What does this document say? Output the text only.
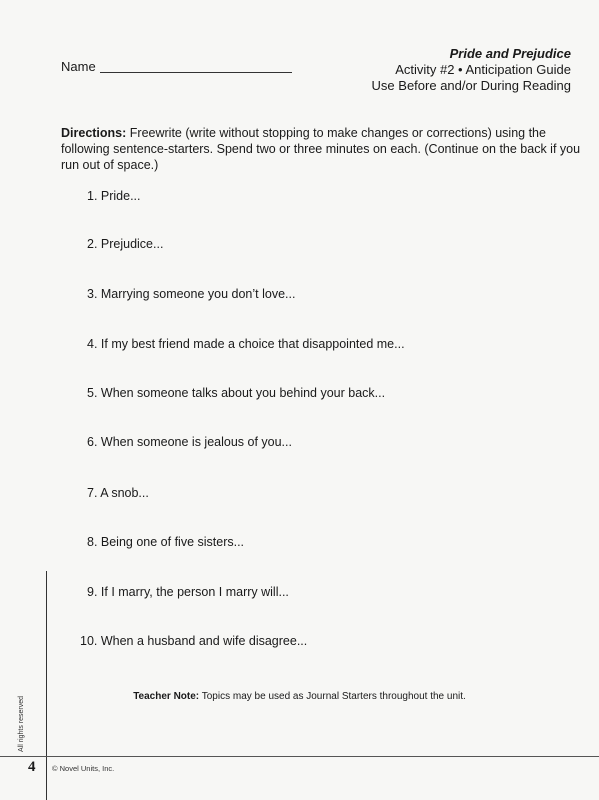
Name
Pride and Prejudice
Activity #2 • Anticipation Guide
Use Before and/or During Reading
Directions: Freewrite (write without stopping to make changes or corrections) using the following sentence-starters. Spend two or three minutes on each. (Continue on the back if you run out of space.)
1. Pride...
2. Prejudice...
3. Marrying someone you don’t love...
4. If my best friend made a choice that disappointed me...
5. When someone talks about you behind your back...
6. When someone is jealous of you...
7. A snob...
8. Being one of five sisters...
9. If I marry, the person I marry will...
10. When a husband and wife disagree...
Teacher Note: Topics may be used as Journal Starters throughout the unit.
All rights reserved
4 © Novel Units, Inc.
